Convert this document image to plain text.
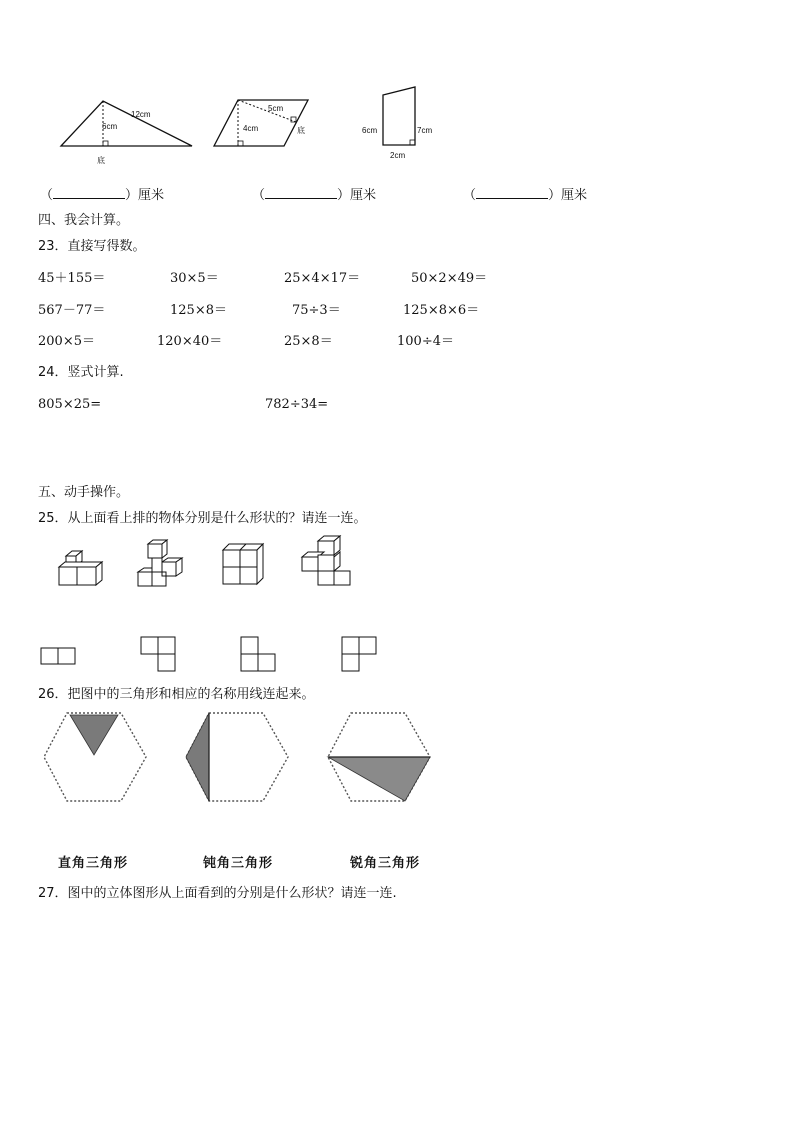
12cm
6cm
底
5cm
4cm	底	6cm	7cm
2cm
（	）厘米	（	）厘米	（	）厘米
四、我会计算。
23．直接写得数。
45＋155＝	30×5＝	25×4×17＝	50×2×49＝
567－77＝	125×8＝	75÷3＝	125×8×6＝
200×5＝	120×40＝	25×8＝	100÷4＝
24．竖式计算.
805×25=	782÷34=
五、动手操作。
25．从上面看上排的物体分别是什么形状的？请连一连。
26．把图中的三角形和相应的名称用线连起来。
直角三角形	钝角三角形	锐角三角形
27．图中的立体图形从上面看到的分别是什么形状？请连一连.
